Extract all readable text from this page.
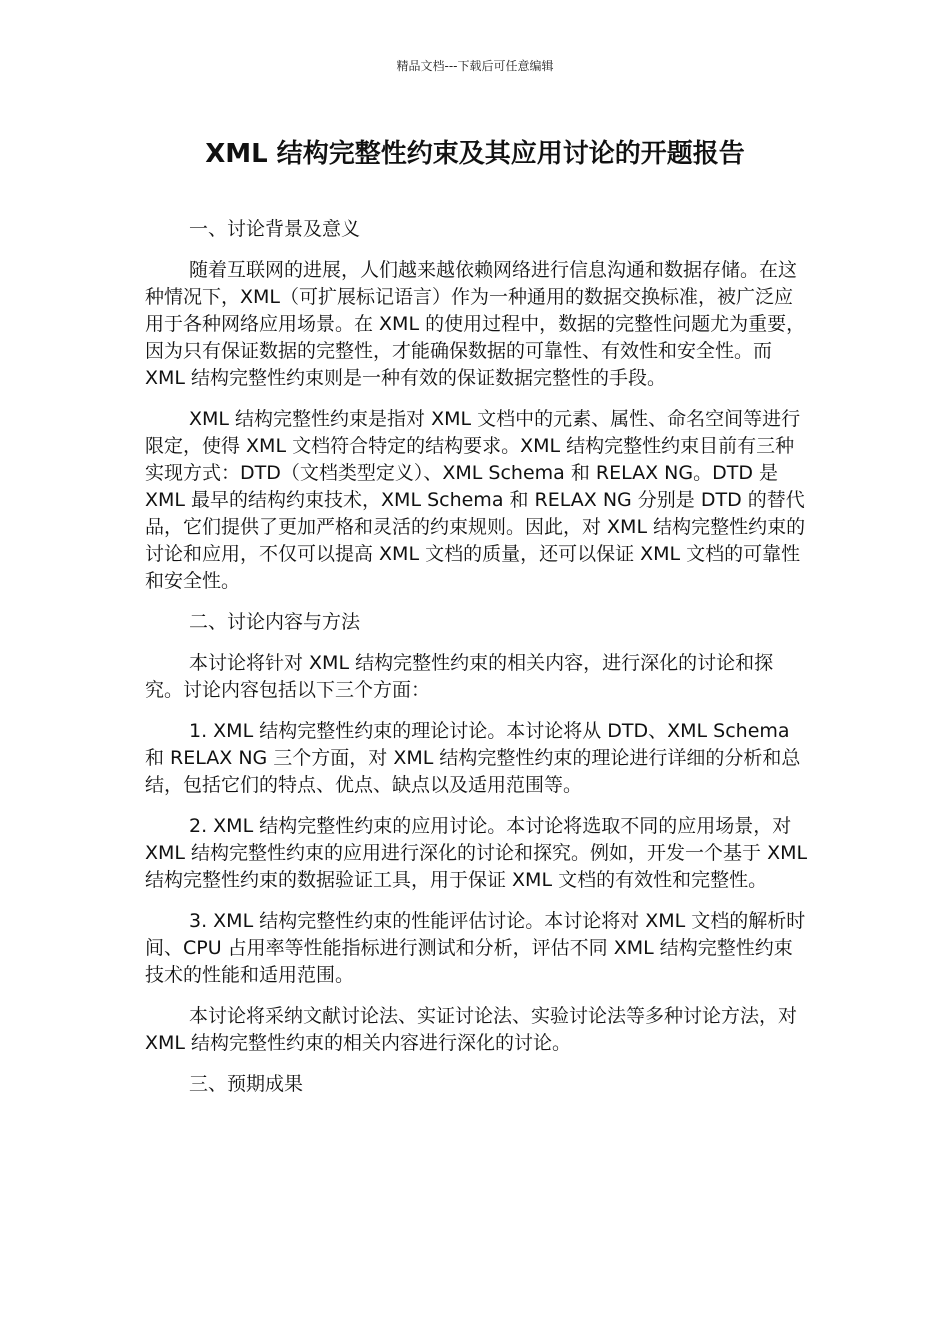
精品文档---下载后可任意编辑
XML 结构完整性约束及其应用讨论的开题报告

一、讨论背景及意义

随着互联网的进展，人们越来越依赖网络进行信息沟通和数据存储。在这种情况下，XML（可扩展标记语言）作为一种通用的数据交换标准，被广泛应用于各种网络应用场景。在 XML 的使用过程中，数据的完整性问题尤为重要，因为只有保证数据的完整性，才能确保数据的可靠性、有效性和安全性。而 XML 结构完整性约束则是一种有效的保证数据完整性的手段。

XML 结构完整性约束是指对 XML 文档中的元素、属性、命名空间等进行限定，使得 XML 文档符合特定的结构要求。XML 结构完整性约束目前有三种实现方式：DTD（文档类型定义）、XML Schema 和 RELAX NG。DTD 是 XML 最早的结构约束技术，XML Schema 和 RELAX NG 分别是 DTD 的替代品，它们提供了更加严格和灵活的约束规则。因此，对 XML 结构完整性约束的讨论和应用，不仅可以提高 XML 文档的质量，还可以保证 XML 文档的可靠性和安全性。

二、讨论内容与方法

本讨论将针对 XML 结构完整性约束的相关内容，进行深化的讨论和探究。讨论内容包括以下三个方面：

1. XML 结构完整性约束的理论讨论。本讨论将从 DTD、XML Schema 和 RELAX NG 三个方面，对 XML 结构完整性约束的理论进行详细的分析和总结，包括它们的特点、优点、缺点以及适用范围等。

2. XML 结构完整性约束的应用讨论。本讨论将选取不同的应用场景，对 XML 结构完整性约束的应用进行深化的讨论和探究。例如，开发一个基于 XML 结构完整性约束的数据验证工具，用于保证 XML 文档的有效性和完整性。

3. XML 结构完整性约束的性能评估讨论。本讨论将对 XML 文档的解析时间、CPU 占用率等性能指标进行测试和分析，评估不同 XML 结构完整性约束技术的性能和适用范围。

本讨论将采纳文献讨论法、实证讨论法、实验讨论法等多种讨论方法，对 XML 结构完整性约束的相关内容进行深化的讨论。

三、预期成果
